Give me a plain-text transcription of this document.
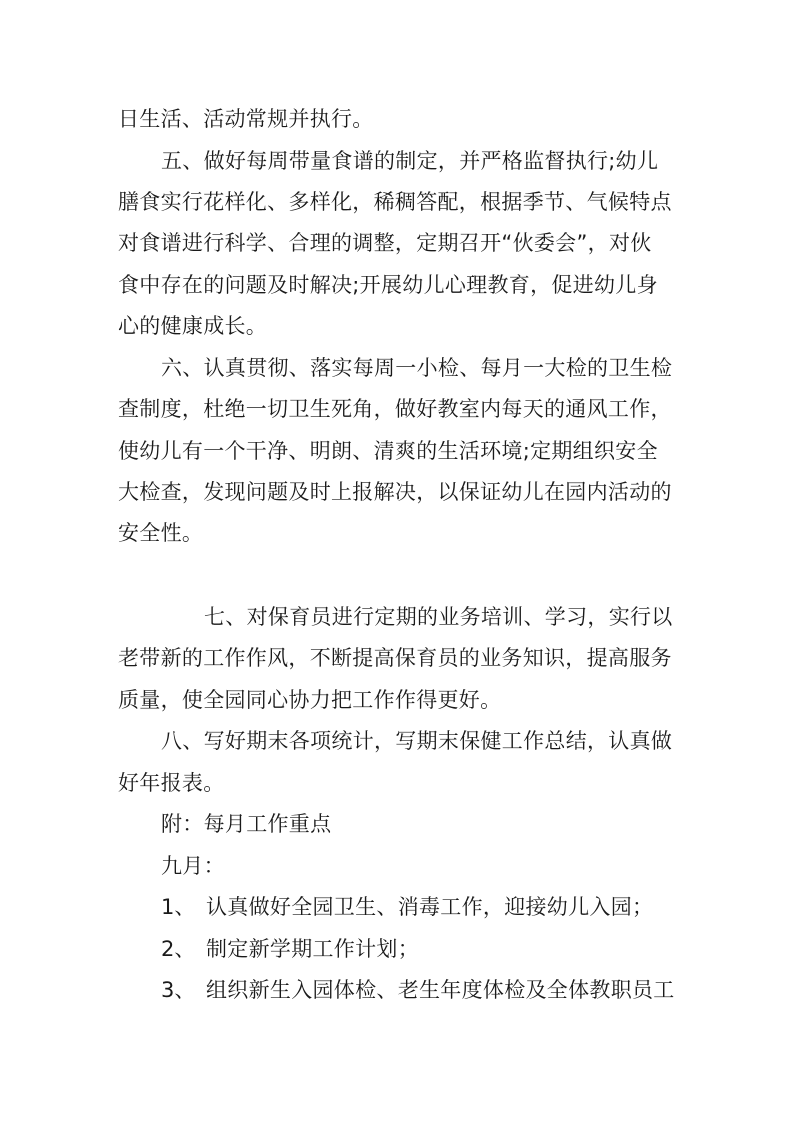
日生活、活动常规并执行。
五、做好每周带量食谱的制定，并严格监督执行;幼儿
膳食实行花样化、多样化，稀稠答配，根据季节、气候特点
对食谱进行科学、合理的调整，定期召开“伙委会”，对伙
食中存在的问题及时解决;开展幼儿心理教育，促进幼儿身
心的健康成长。
六、认真贯彻、落实每周一小检、每月一大检的卫生检
查制度，杜绝一切卫生死角，做好教室内每天的通风工作，
使幼儿有一个干净、明朗、清爽的生活环境;定期组织安全
大检查，发现问题及时上报解决，以保证幼儿在园内活动的
安全性。
七、对保育员进行定期的业务培训、学习，实行以
老带新的工作作风，不断提高保育员的业务知识，提高服务
质量，使全园同心协力把工作作得更好。
八、写好期末各项统计，写期末保健工作总结，认真做
好年报表。
附：每月工作重点
九月：
1、 认真做好全园卫生、消毒工作，迎接幼儿入园；
2、 制定新学期工作计划；
3、 组织新生入园体检、老生年度体检及全体教职员工
